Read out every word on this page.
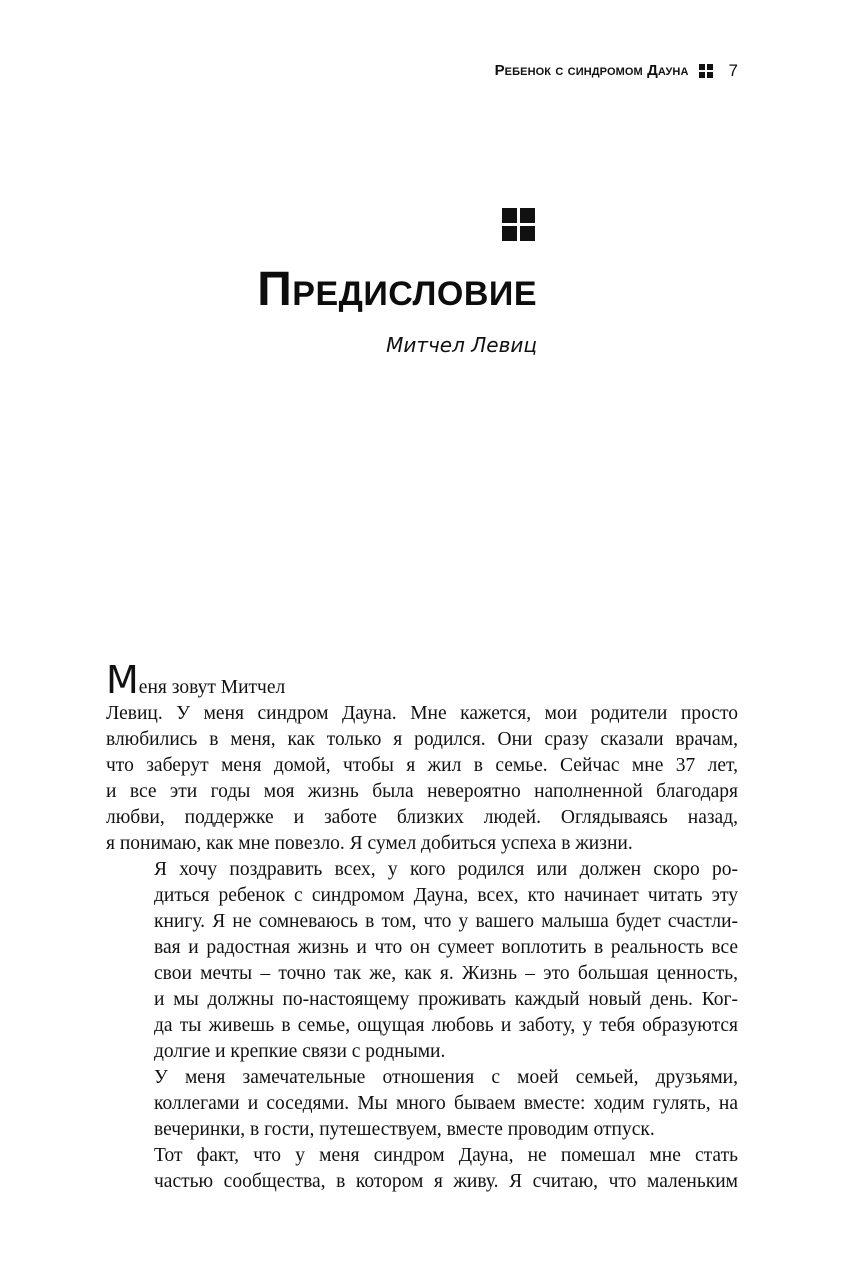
Ребенок с синдромом Дауна 7
Предисловие
Митчел Левиц

Меня зовут Митчел
Левиц. У меня синдром Дауна. Мне кажется, мои родители просто
влюбились в меня, как только я родился. Они сразу сказали врачам,
что заберут меня домой, чтобы я жил в семье. Сейчас мне 37 лет,
и все эти годы моя жизнь была невероятно наполненной благодаря
любви, поддержке и заботе близких людей. Оглядываясь назад,
я понимаю, как мне повезло. Я сумел добиться успеха в жизни.

Я хочу поздравить всех, у кого родился или должен скоро ро-
диться ребенок с синдромом Дауна, всех, кто начинает читать эту
книгу. Я не сомневаюсь в том, что у вашего малыша будет счастли-
вая и радостная жизнь и что он сумеет воплотить в реальность все
свои мечты – точно так же, как я. Жизнь – это большая ценность,
и мы должны по-настоящему проживать каждый новый день. Ког-
да ты живешь в семье, ощущая любовь и заботу, у тебя образуются
долгие и крепкие связи с родными.

У меня замечательные отношения с моей семьей, друзьями,
коллегами и соседями. Мы много бываем вместе: ходим гулять, на
вечеринки, в гости, путешествуем, вместе проводим отпуск.

Тот факт, что у меня синдром Дауна, не помешал мне стать
частью сообщества, в котором я живу. Я считаю, что маленьким
